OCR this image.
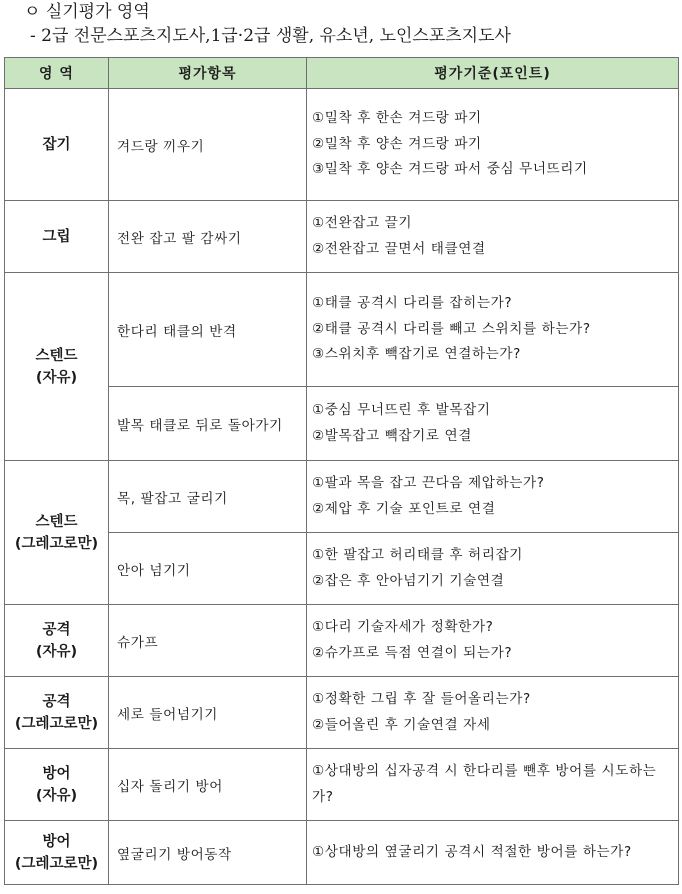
ㅇ 실기평가 영역
- 2급 전문스포츠지도사,1급·2급 생활, 유소년, 노인스포츠지도사
영 역	평가항목	평가기준(포인트)

잡기	겨드랑 끼우기	①밀착 후 한손 겨드랑 파기
②밀착 후 양손 겨드랑 파기
③밀착 후 양손 겨드랑 파서 중심 무너뜨리기

그립	전완 잡고 팔 감싸기	①전완잡고 끌기
②전완잡고 끌면서 태클연결

스텐드
(자유)	한다리 태클의 반격	①태클 공격시 다리를 잡히는가?
②태클 공격시 다리를 빼고 스위치를 하는가?
③스위치후 빽잡기로 연결하는가?

	발목 태클로 뒤로 돌아가기	①중심 무너뜨린 후 발목잡기
②발목잡고 빽잡기로 연결

스텐드
(그레고로만)	목, 팔잡고 굴리기	①팔과 목을 잡고 끈다음 제압하는가?
②제압 후 기술 포인트로 연결

	안아 넘기기	①한 팔잡고 허리태클 후 허리잡기
②잡은 후 안아넘기기 기술연결

공격
(자유)	슈가프	①다리 기술자세가 정확한가?
②슈가프로 득점 연결이 되는가?

공격
(그레고로만)	세로 들어넘기기	①정확한 그립 후 잘 들어올리는가?
②들어올린 후 기술연결 자세

방어
(자유)	십자 돌리기 방어	①상대방의 십자공격 시 한다리를 뺀후 방어를 시도하는가?

방어
(그레고로만)	옆굴리기 방어동작	①상대방의 옆굴리기 공격시 적절한 방어를 하는가?
